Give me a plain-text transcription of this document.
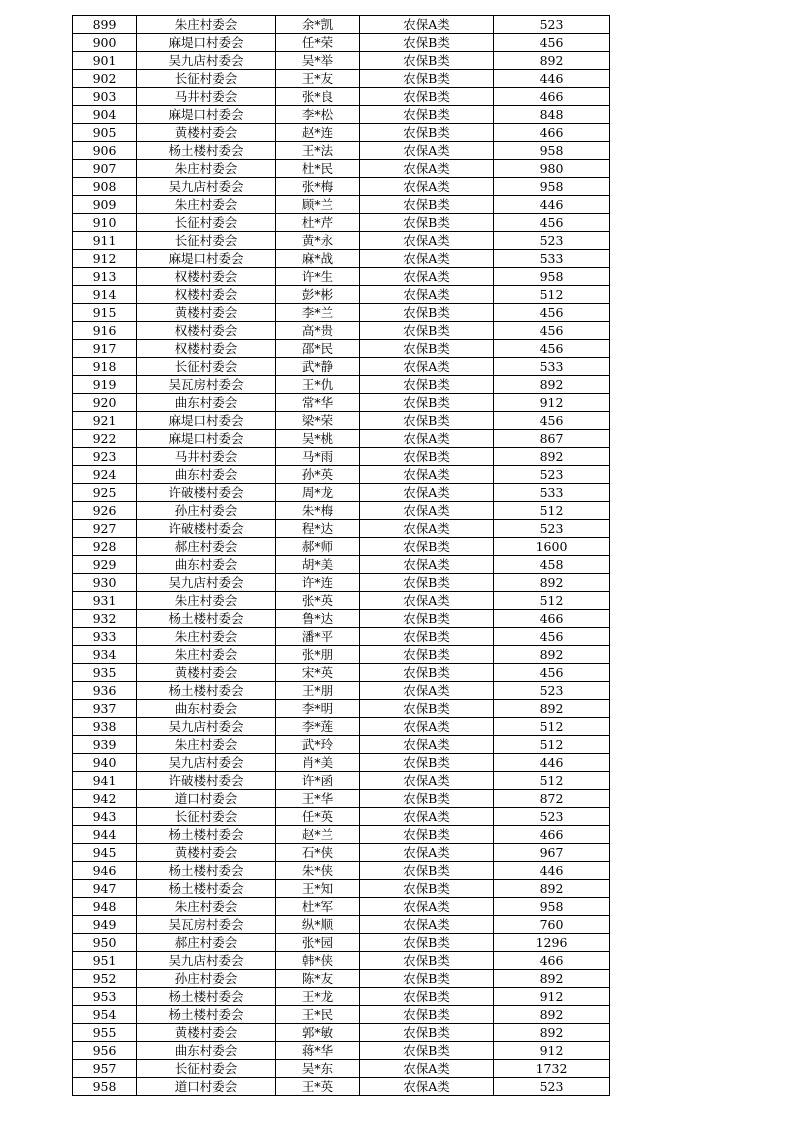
899	朱庄村委会	余*凯	农保A类	523
900	麻堤口村委会	任*荣	农保B类	456
901	吴九店村委会	吴*举	农保B类	892
902	长征村委会	王*友	农保B类	446
903	马井村委会	张*良	农保B类	466
904	麻堤口村委会	李*松	农保B类	848
905	黄楼村委会	赵*连	农保B类	466
906	杨土楼村委会	王*法	农保A类	958
907	朱庄村委会	杜*民	农保A类	980
908	吴九店村委会	张*梅	农保A类	958
909	朱庄村委会	顾*兰	农保B类	446
910	长征村委会	杜*芹	农保B类	456
911	长征村委会	黄*永	农保A类	523
912	麻堤口村委会	麻*战	农保A类	533
913	权楼村委会	许*生	农保A类	958
914	权楼村委会	彭*彬	农保A类	512
915	黄楼村委会	李*兰	农保B类	456
916	权楼村委会	高*贵	农保B类	456
917	权楼村委会	邵*民	农保B类	456
918	长征村委会	武*静	农保A类	533
919	吴瓦房村委会	王*仇	农保B类	892
920	曲东村委会	常*华	农保B类	912
921	麻堤口村委会	梁*荣	农保B类	456
922	麻堤口村委会	吴*桃	农保A类	867
923	马井村委会	马*雨	农保B类	892
924	曲东村委会	孙*英	农保A类	523
925	许破楼村委会	周*龙	农保A类	533
926	孙庄村委会	朱*梅	农保A类	512
927	许破楼村委会	程*达	农保A类	523
928	郝庄村委会	郝*师	农保B类	1600
929	曲东村委会	胡*美	农保A类	458
930	吴九店村委会	许*连	农保B类	892
931	朱庄村委会	张*英	农保A类	512
932	杨土楼村委会	鲁*达	农保B类	466
933	朱庄村委会	潘*平	农保B类	456
934	朱庄村委会	张*朋	农保B类	892
935	黄楼村委会	宋*英	农保B类	456
936	杨土楼村委会	王*朋	农保A类	523
937	曲东村委会	李*明	农保B类	892
938	吴九店村委会	李*莲	农保A类	512
939	朱庄村委会	武*玲	农保A类	512
940	吴九店村委会	肖*美	农保B类	446
941	许破楼村委会	许*函	农保A类	512
942	道口村委会	王*华	农保B类	872
943	长征村委会	任*英	农保A类	523
944	杨土楼村委会	赵*兰	农保B类	466
945	黄楼村委会	石*侠	农保A类	967
946	杨土楼村委会	朱*侠	农保B类	446
947	杨土楼村委会	王*知	农保B类	892
948	朱庄村委会	杜*军	农保A类	958
949	吴瓦房村委会	纵*顺	农保A类	760
950	郝庄村委会	张*园	农保B类	1296
951	吴九店村委会	韩*侠	农保B类	466
952	孙庄村委会	陈*友	农保B类	892
953	杨土楼村委会	王*龙	农保B类	912
954	杨土楼村委会	王*民	农保B类	892
955	黄楼村委会	郭*敏	农保B类	892
956	曲东村委会	蒋*华	农保B类	912
957	长征村委会	吴*东	农保A类	1732
958	道口村委会	王*英	农保A类	523
